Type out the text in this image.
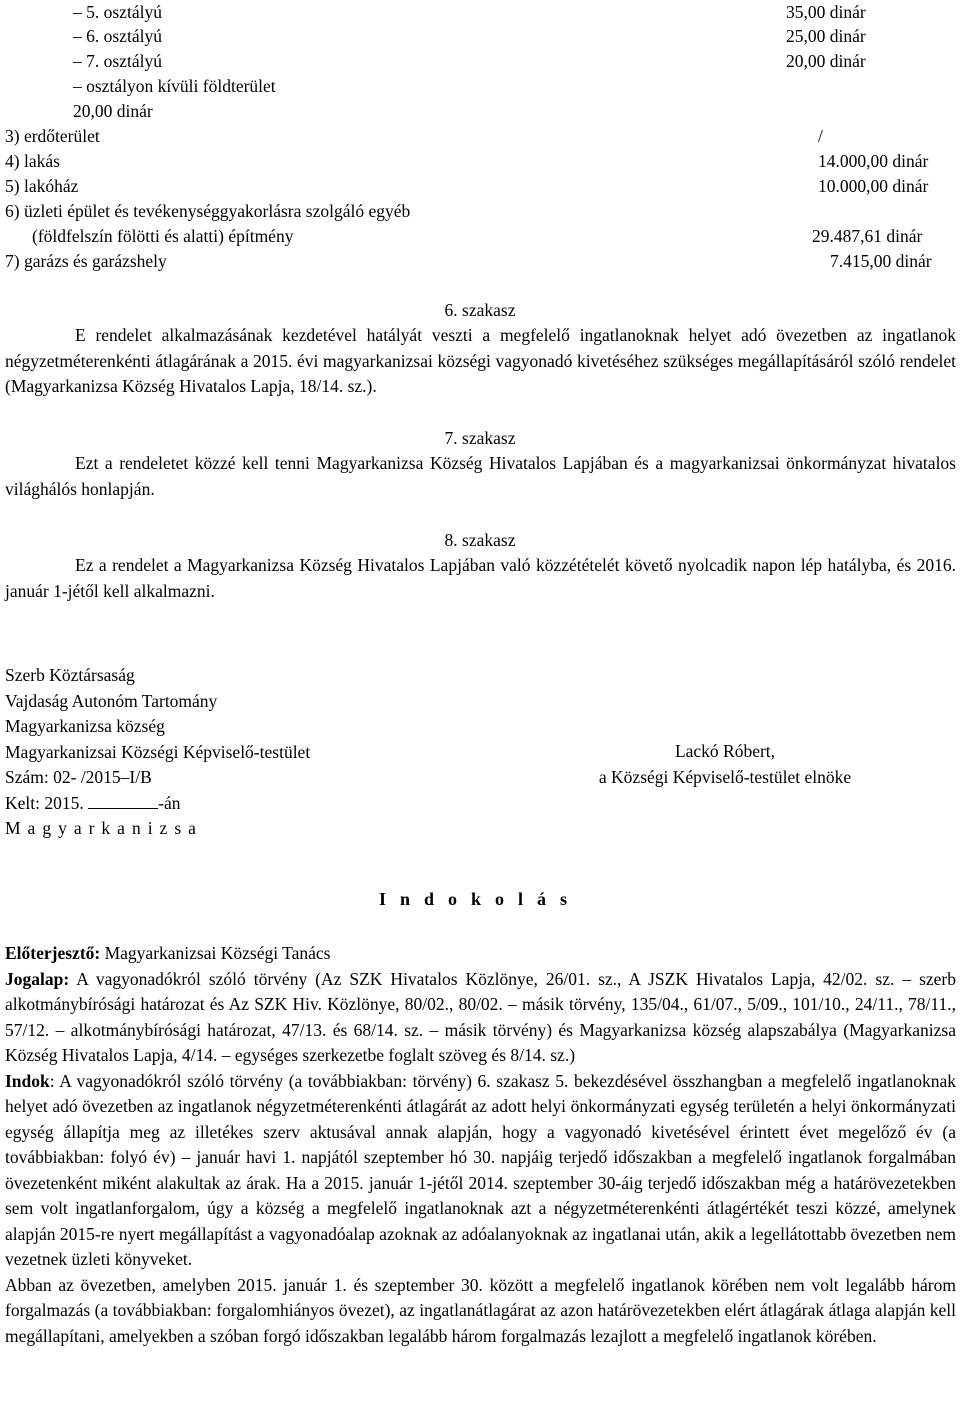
– 5. osztályú	35,00 dinár
– 6. osztályú	25,00 dinár
– 7. osztályú	20,00 dinár
– osztályon kívüli földterület
20,00 dinár
3) erdőterület	/
4) lakás	14.000,00 dinár
5) lakóház	10.000,00 dinár
6) üzleti épület és tevékenységgyakorlásra szolgáló egyéb
(földfelszín fölötti és alatti) építmény	29.487,61 dinár
7) garázs és garázshely	7.415,00 dinár
6. szakasz
E rendelet alkalmazásának kezdetével hatályát veszti a megfelelő ingatlanoknak helyet adó övezetben az ingatlanok négyzetméterenkénti átlagárának a 2015. évi magyarkanizsai községi vagyonadó kivetéséhez szükséges megállapításáról szóló rendelet (Magyarkanizsa Község Hivatalos Lapja, 18/14. sz.).
7. szakasz
Ezt a rendeletet közzé kell tenni Magyarkanizsa Község Hivatalos Lapjában és a magyarkanizsai önkormányzat hivatalos világhálós honlapján.
8. szakasz
Ez a rendelet a Magyarkanizsa Község Hivatalos Lapjában való közzétételét követő nyolcadik napon lép hatályba, és 2016. január 1-jétől kell alkalmazni.
Szerb Köztársaság
Vajdaság Autonóm Tartomány
Magyarkanizsa község
Magyarkanizsai Községi Képviselő-testület
Szám: 02- /2015–I/B
Kelt: 2015.	-án
Magyarkanizsa
Lackó Róbert,
a Községi Képviselő-testület elnöke
Indokolás

Előterjesztő: Magyarkanizsai Községi Tanács

Jogalap: A vagyonadókról szóló törvény (Az SZK Hivatalos Közlönye, 26/01. sz., A JSZK Hivatalos Lapja, 42/02. sz. – szerb alkotmánybírósági határozat és Az SZK Hiv. Közlönye, 80/02., 80/02. – másik törvény, 135/04., 61/07., 5/09., 101/10., 24/11., 78/11., 57/12. – alkotmánybírósági határozat, 47/13. és 68/14. sz. – másik törvény) és Magyarkanizsa község alapszabálya (Magyarkanizsa Község Hivatalos Lapja, 4/14. – egységes szerkezetbe foglalt szöveg és 8/14. sz.)

Indok: A vagyonadókról szóló törvény (a továbbiakban: törvény) 6. szakasz 5. bekezdésével összhangban a megfelelő ingatlanoknak helyet adó övezetben az ingatlanok négyzetméterenkénti átlagárát az adott helyi önkormányzati egység területén a helyi önkormányzati egység állapítja meg az illetékes szerv aktusával annak alapján, hogy a vagyonadó kivetésével érintett évet megelőző év (a továbbiakban: folyó év) – január havi 1. napjától szeptember hó 30. napjáig terjedő időszakban a megfelelő ingatlanok forgalmában övezetenként miként alakultak az árak. Ha a 2015. január 1-jétől 2014. szeptember 30-áig terjedő időszakban még a határövezetekben sem volt ingatlanforgalom, úgy a község a megfelelő ingatlanoknak azt a négyzetméterenkénti átlagértékét teszi közzé, amelynek alapján 2015-re nyert megállapítást a vagyonadóalap azoknak az adóalanyoknak az ingatlanai után, akik a legellátottabb övezetben nem vezetnek üzleti könyveket.

Abban az övezetben, amelyben 2015. január 1. és szeptember 30. között a megfelelő ingatlanok körében nem volt legalább három forgalmazás (a továbbiakban: forgalomhiányos övezet), az ingatlanátlagárat az azon határövezetekben elért átlagárak átlaga alapján kell megállapítani, amelyekben a szóban forgó időszakban legalább három forgalmazás lezajlott a megfelelő ingatlanok körében.
